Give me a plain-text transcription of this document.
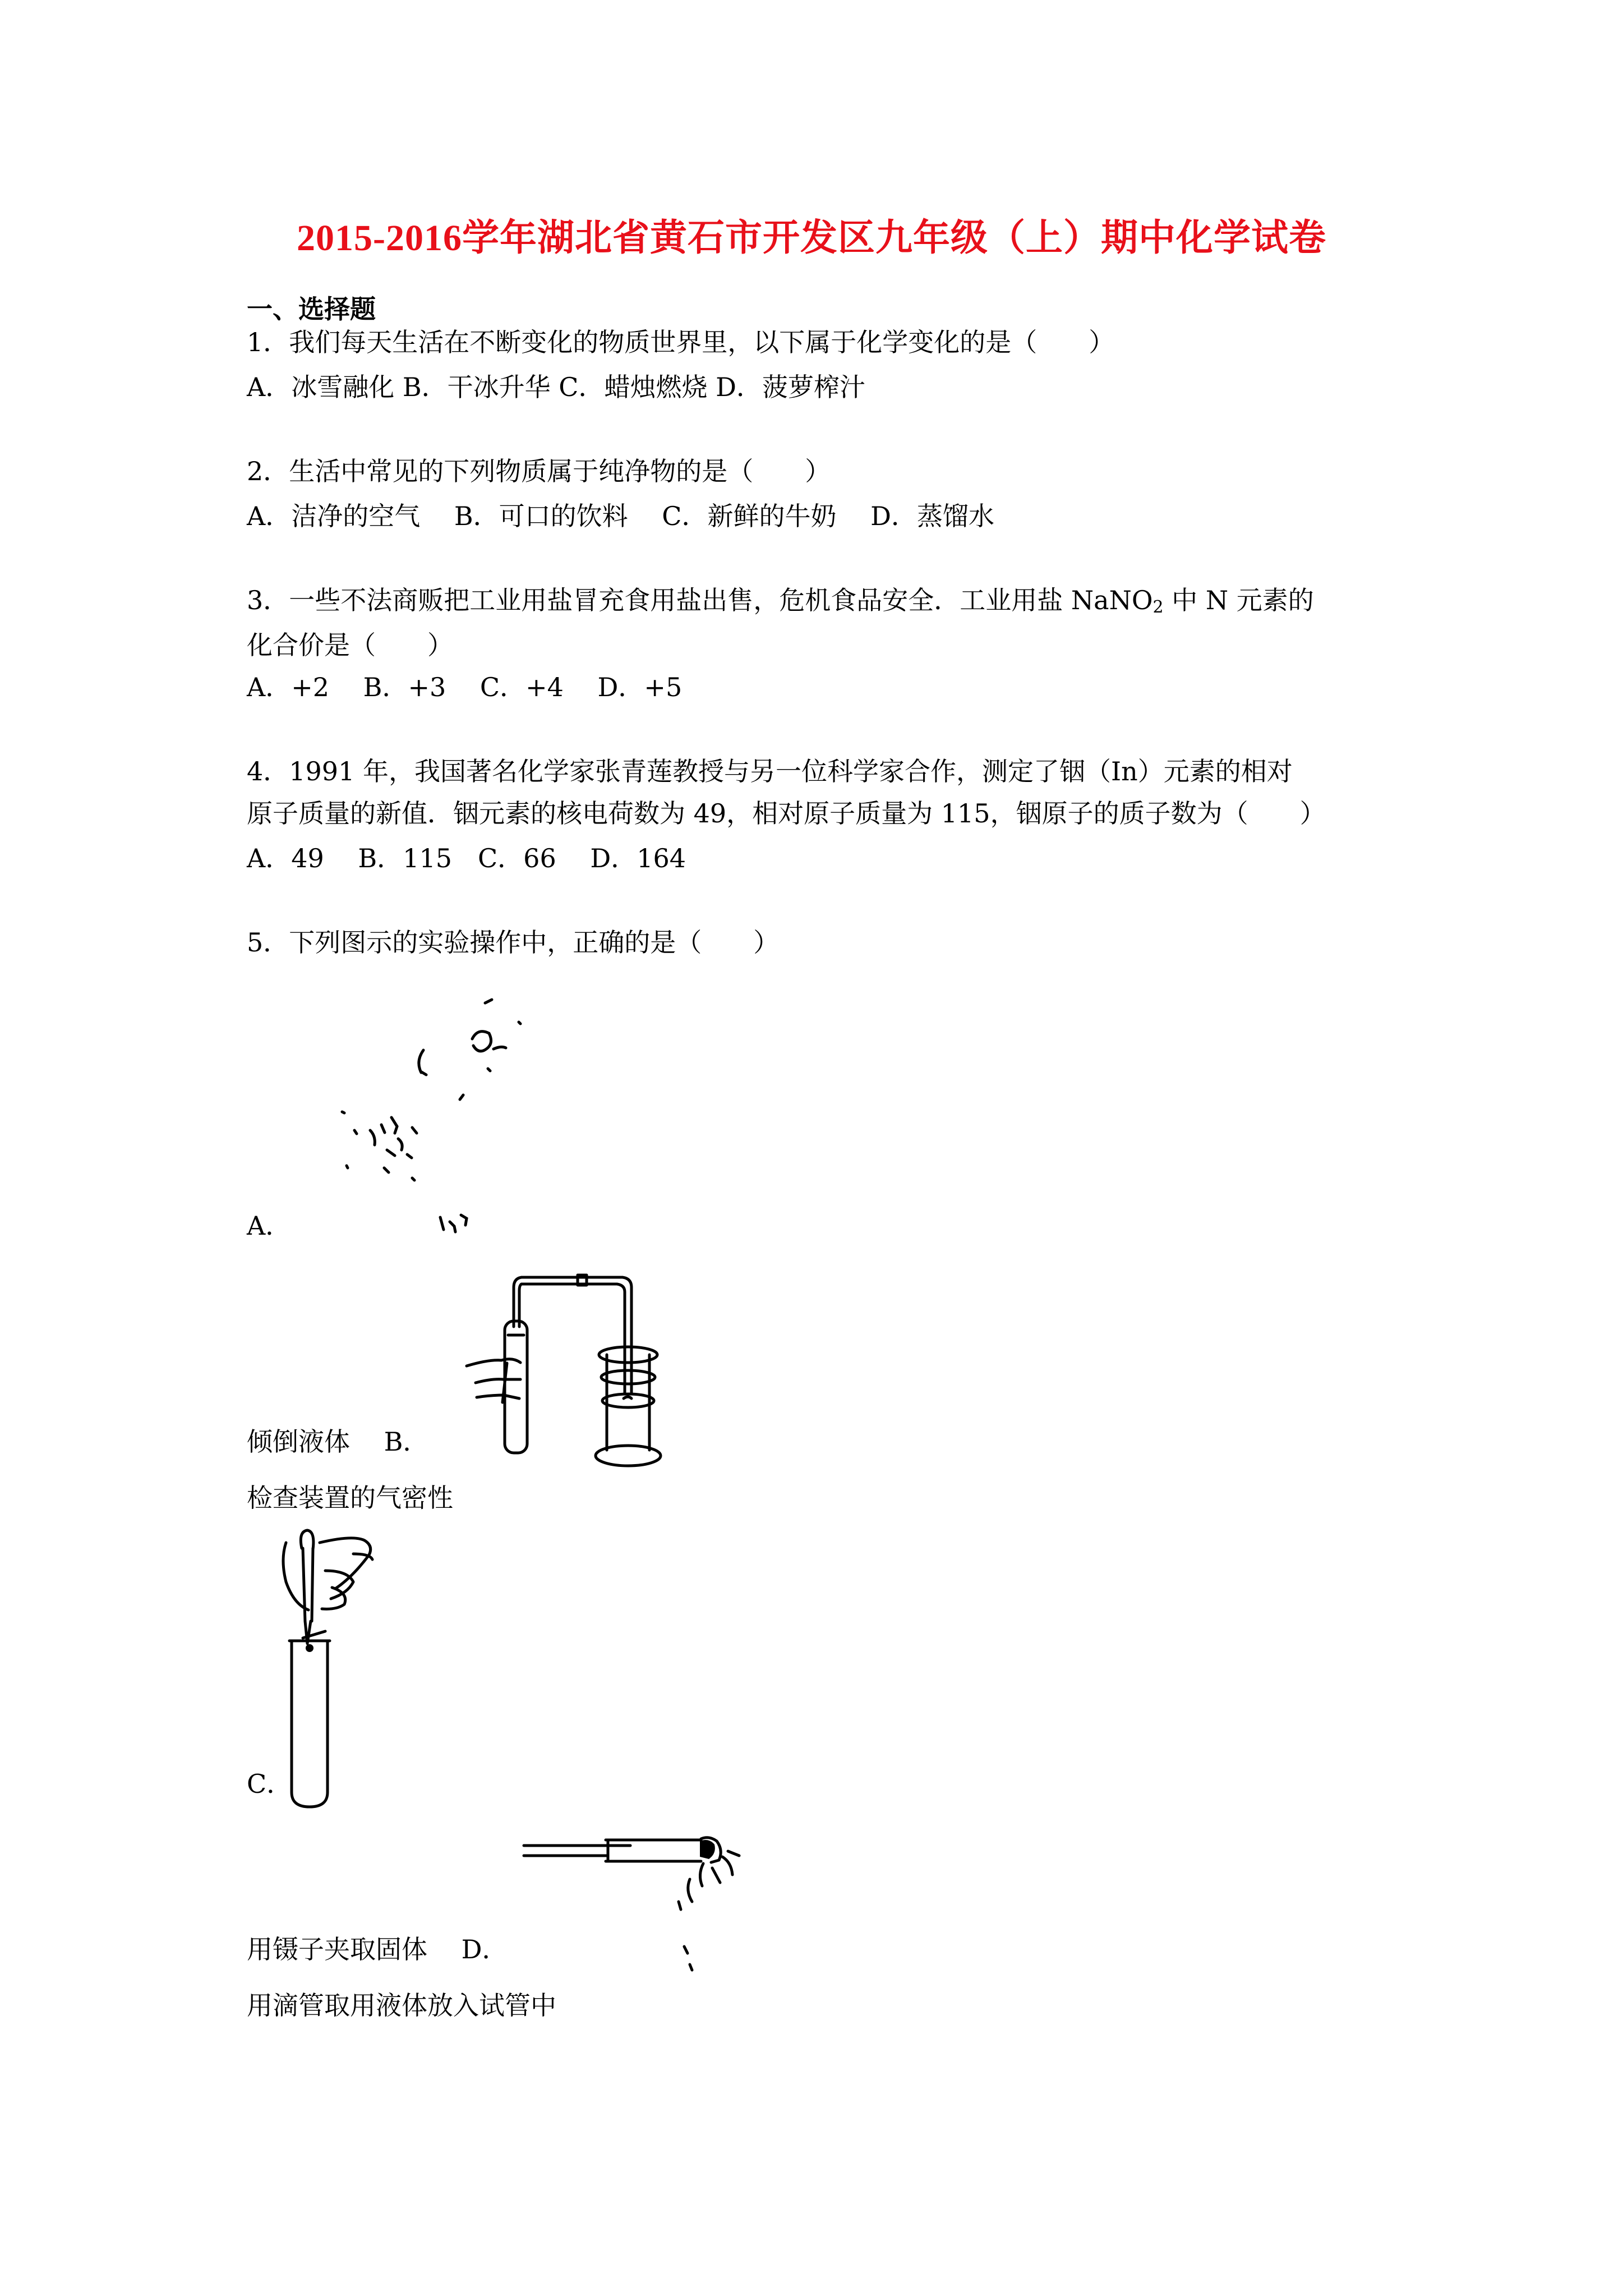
2015-2016学年湖北省黄石市开发区九年级（上）期中化学试卷
一、选择题
1．我们每天生活在不断变化的物质世界里，以下属于化学变化的是（　　）
A．冰雪融化 B．干冰升华 C．蜡烛燃烧 D．菠萝榨汁
2．生活中常见的下列物质属于纯净物的是（　　）
A．洁净的空气　 B．可口的饮料　 C．新鲜的牛奶　 D．蒸馏水
3．一些不法商贩把工业用盐冒充食用盐出售，危机食品安全．工业用盐 NaNO$_2$ 中 N 元素的
化合价是（　　）
A．+2　 B．+3　 C．+4　 D．+5
4．1991 年，我国著名化学家张青莲教授与另一位科学家合作，测定了铟（In）元素的相对
原子质量的新值．铟元素的核电荷数为 49，相对原子质量为 115，铟原子的质子数为（　　）
A．49　 B．115　C．66　 D．164
5．下列图示的实验操作中，正确的是（　　）
A．
倾倒液体　 B．
检查装置的气密性
C．
用镊子夹取固体　 D．
用滴管取用液体放入试管中
